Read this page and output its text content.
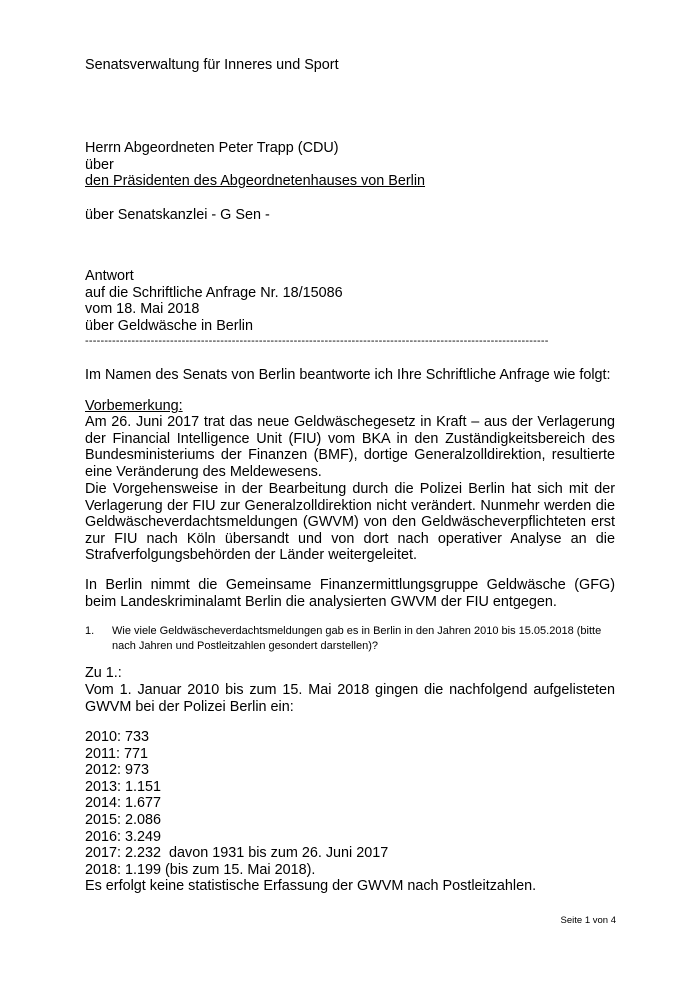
Senatsverwaltung für Inneres und Sport

Herrn Abgeordneten Peter Trapp (CDU)
über
den Präsidenten des Abgeordnetenhauses von Berlin

über Senatskanzlei - G Sen -

Antwort
auf die Schriftliche Anfrage Nr. 18/15086
vom 18. Mai 2018
über Geldwäsche in Berlin
------------------------------------------------------------------------------------------------------------------------

Im Namen des Senats von Berlin beantworte ich Ihre Schriftliche Anfrage wie folgt:

Vorbemerkung:

Am 26. Juni 2017 trat das neue Geldwäschegesetz in Kraft – aus der Verlagerung der Financial Intelligence Unit (FIU) vom BKA in den Zuständigkeitsbereich des Bundesministeriums der Finanzen (BMF), dortige Generalzolldirektion, resultierte eine Veränderung des Meldewesens.

Die Vorgehensweise in der Bearbeitung durch die Polizei Berlin hat sich mit der Verlagerung der FIU zur Generalzolldirektion nicht verändert. Nunmehr werden die Geldwäscheverdachtsmeldungen (GWVM) von den Geldwäscheverpflichteten erst zur FIU nach Köln übersandt und von dort nach operativer Analyse an die Strafverfolgungsbehörden der Länder weitergeleitet.

In Berlin nimmt die Gemeinsame Finanzermittlungsgruppe Geldwäsche (GFG) beim Landeskriminalamt Berlin die analysierten GWVM der FIU entgegen.

1. Wie viele Geldwäscheverdachtsmeldungen gab es in Berlin in den Jahren 2010 bis 15.05.2018 (bitte nach Jahren und Postleitzahlen gesondert darstellen)?

Zu 1.:

Vom 1. Januar 2010 bis zum 15. Mai 2018 gingen die nachfolgend aufgelisteten GWVM bei der Polizei Berlin ein:

2010: 733
2011: 771
2012: 973
2013: 1.151
2014: 1.677
2015: 2.086
2016: 3.249
2017: 2.232  davon 1931 bis zum 26. Juni 2017
2018: 1.199 (bis zum 15. Mai 2018).
Es erfolgt keine statistische Erfassung der GWVM nach Postleitzahlen.
Seite 1 von 4
